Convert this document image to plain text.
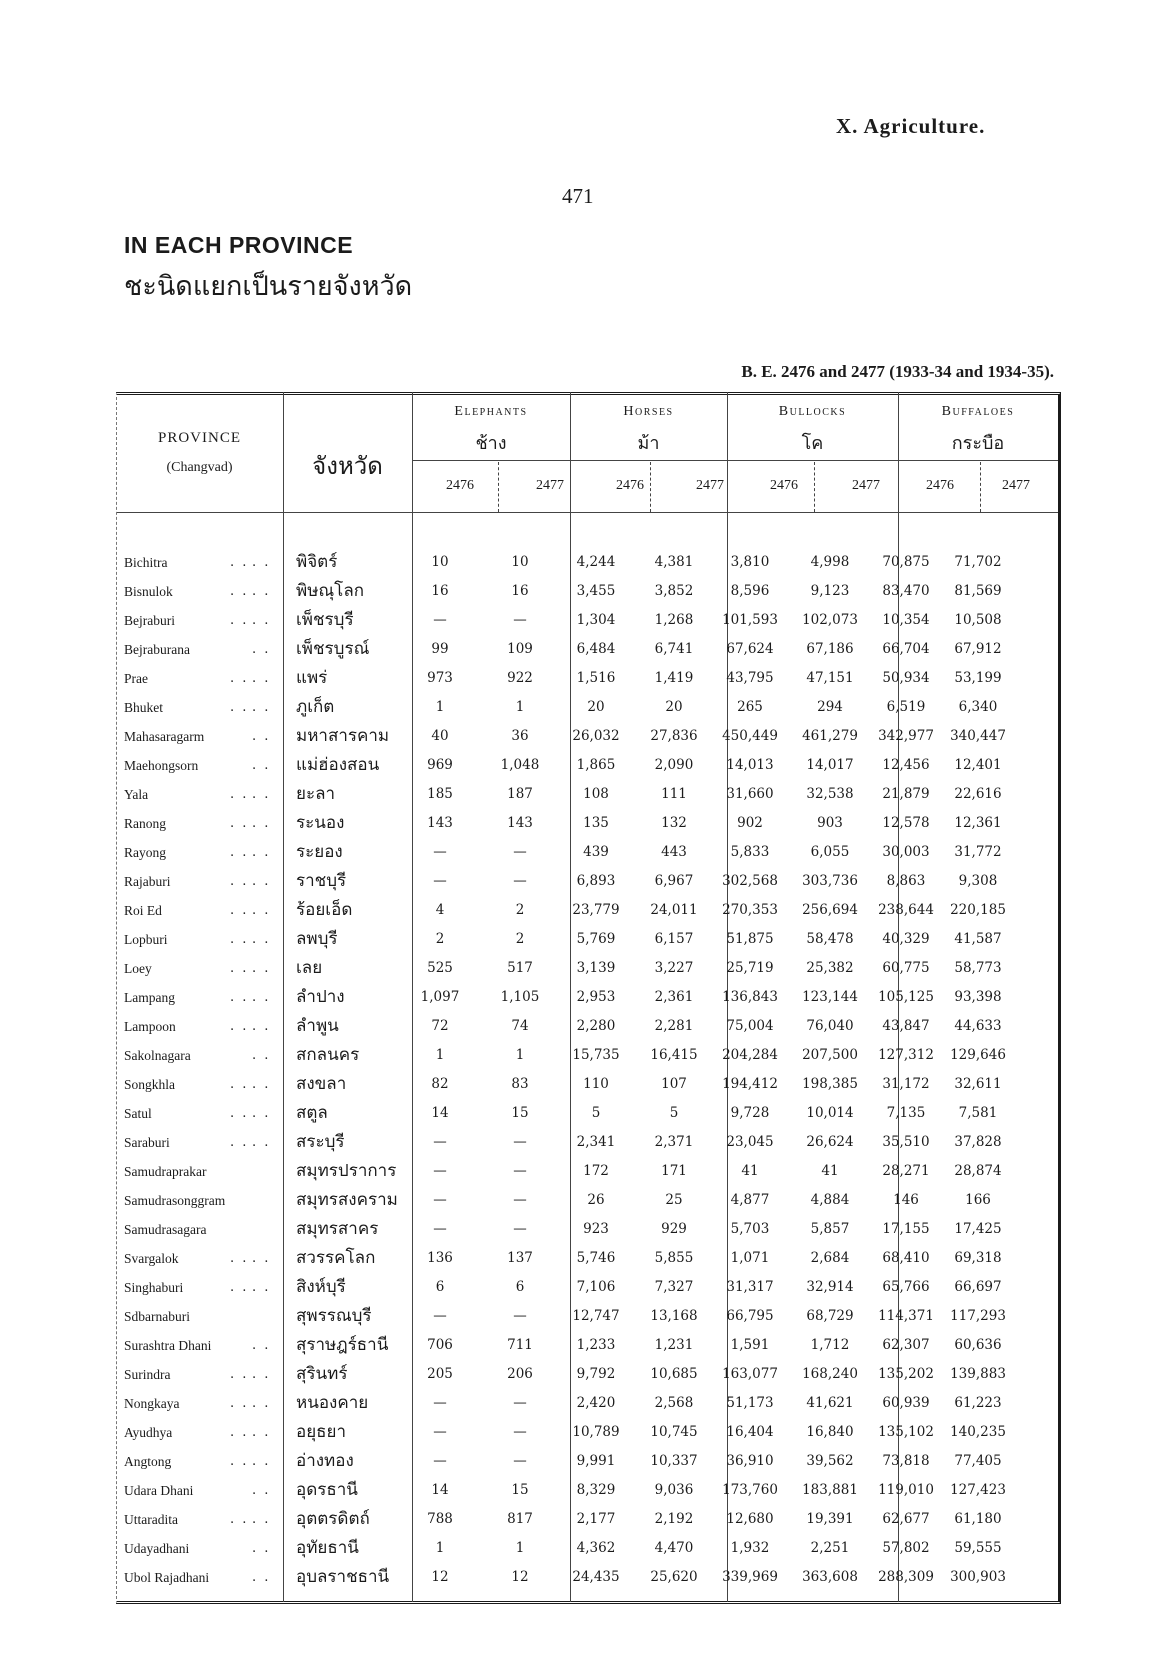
X. Agriculture.
471
IN EACH PROVINCE
ชะนิดแยกเป็นรายจังหวัด
B. E. 2476 and 2477 (1933-34 and 1934-35).
PROVINCE
(Changvad)	จังหวัด
Elephants
ช้าง
Horses
ม้า
Bullocks
โค
Buffaloes
กระบือ
2476	2477	2476	2477	2476	2477	2476	2477
Bichitra	. . . . พิจิตร์	10	10	4,244	4,381	3,810	4,998	70,875	71,702
Bisnulok	. . . . พิษณุโลก	16	16	3,455	3,852	8,596	9,123	83,470	81,569
Bejraburi	. . . . เพ็ชรบุรี	—	—	1,304	1,268	101,593	102,073	10,354	10,508
Bejraburana	. . เพ็ชรบูรณ์	99	109	6,484	6,741	67,624	67,186	66,704	67,912
Prae	. . . . แพร่	973	922	1,516	1,419	43,795	47,151	50,934	53,199
Bhuket	. . . . ภูเก็ต	1	1	20	20	265	294	6,519	6,340
Mahasaragarm	. . มหาสารคาม	40	36	26,032	27,836	450,449	461,279	342,977	340,447
Maehongsorn	. . แม่ฮ่องสอน	969	1,048	1,865	2,090	14,013	14,017	12,456	12,401
Yala	. . . . ยะลา	185	187	108	111	31,660	32,538	21,879	22,616
Ranong	. . . . ระนอง	143	143	135	132	902	903	12,578	12,361
Rayong	. . . . ระยอง	—	—	439	443	5,833	6,055	30,003	31,772
Rajaburi	. . . . ราชบุรี	—	—	6,893	6,967	302,568	303,736	8,863	9,308
Roi Ed	. . . . ร้อยเอ็ด	4	2	23,779	24,011	270,353	256,694	238,644	220,185
Lopburi	. . . . ลพบุรี	2	2	5,769	6,157	51,875	58,478	40,329	41,587
Loey	. . . . เลย	525	517	3,139	3,227	25,719	25,382	60,775	58,773
Lampang	. . . . ลำปาง	1,097	1,105	2,953	2,361	136,843	123,144	105,125	93,398
Lampoon	. . . . ลำพูน	72	74	2,280	2,281	75,004	76,040	43,847	44,633
Sakolnagara	. . สกลนคร	1	1	15,735	16,415	204,284	207,500	127,312	129,646
Songkhla	. . . . สงขลา	82	83	110	107	194,412	198,385	31,172	32,611
Satul	. . . . สตูล	14	15	5	5	9,728	10,014	7,135	7,581
Saraburi	. . . . สระบุรี	—	—	2,341	2,371	23,045	26,624	35,510	37,828
Samudraprakar	สมุทรปราการ	—	—	172	171	41	41	28,271	28,874
Samudrasonggram	สมุทรสงคราม	—	—	26	25	4,877	4,884	146	166
Samudrasagara	สมุทรสาคร	—	—	923	929	5,703	5,857	17,155	17,425
Svargalok	. . . . สวรรคโลก	136	137	5,746	5,855	1,071	2,684	68,410	69,318
Singhaburi	. . . . สิงห์บุรี	6	6	7,106	7,327	31,317	32,914	65,766	66,697
Sdbarnaburi	สุพรรณบุรี	—	—	12,747	13,168	66,795	68,729	114,371	117,293
Surashtra Dhani	. . สุราษฎร์ธานี	706	711	1,233	1,231	1,591	1,712	62,307	60,636
Surindra	. . . . สุรินทร์	205	206	9,792	10,685	163,077	168,240	135,202	139,883
Nongkaya	. . . . หนองคาย	—	—	2,420	2,568	51,173	41,621	60,939	61,223
Ayudhya	. . . . อยุธยา	—	—	10,789	10,745	16,404	16,840	135,102	140,235
Angtong	. . . . อ่างทอง	—	—	9,991	10,337	36,910	39,562	73,818	77,405
Udara Dhani	. . อุดรธานี	14	15	8,329	9,036	173,760	183,881	119,010	127,423
Uttaradita	. . . . อุตตรดิตถ์	788	817	2,177	2,192	12,680	19,391	62,677	61,180
Udayadhani	. . อุทัยธานี	1	1	4,362	4,470	1,932	2,251	57,802	59,555
Ubol Rajadhani	. . อุบลราชธานี	12	12	24,435	25,620	339,969	363,608	288,309	300,903
